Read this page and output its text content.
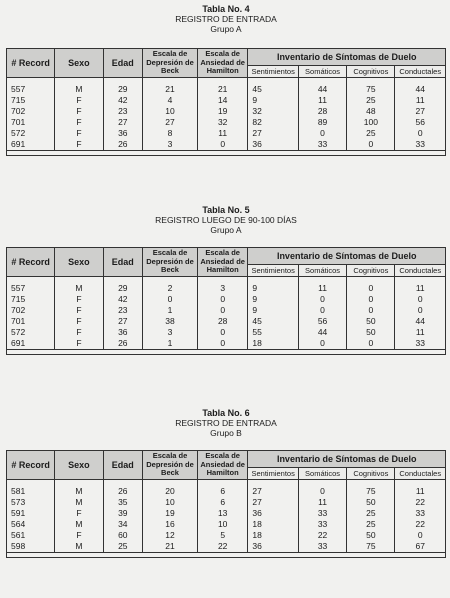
Tabla No. 4
REGISTRO DE ENTRADA
Grupo A
Tabla No. 5
REGISTRO LUEGO DE 90-100 DÍAS
Grupo A
Tabla No. 6
REGISTRO DE ENTRADA
Grupo B
# Record	Sexo	Edad	Escala de Depresión de Beck	Escala de Ansiedad de Hamilton	Inventario de Síntomas de Duelo			
					Sentimientos	Somáticos	Cognitivos	Conductales

557	M	29	21	21	45	44	75	44
715	F	42	4	14	9	11	25	11
702	F	23	10	19	32	28	48	27
701	F	27	27	32	82	89	100	56
572	F	36	8	11	27	0	25	0
691	F	26	3	0	36	33	0	33

# Record	Sexo	Edad	Escala de Depresión de Beck	Escala de Ansiedad de Hamilton	Inventario de Síntomas de Duelo			
					Sentimientos	Somáticos	Cognitivos	Conductales

557	M	29	2	3	9	11	0	11
715	F	42	0	0	9	0	0	0
702	F	23	1	0	9	0	0	0
701	F	27	38	28	45	56	50	44
572	F	36	3	0	55	44	50	11
691	F	26	1	0	18	0	0	33

# Record	Sexo	Edad	Escala de Depresión de Beck	Escala de Ansiedad de Hamilton	Inventario de Síntomas de Duelo			
					Sentimientos	Somáticos	Cognitivos	Conductales

581	M	26	20	6	27	0	75	11
573	M	35	10	6	27	11	50	22
591	F	39	19	13	36	33	25	33
564	M	34	16	10	18	33	25	22
561	F	60	12	5	18	22	50	0
598	M	25	21	22	36	33	75	67
